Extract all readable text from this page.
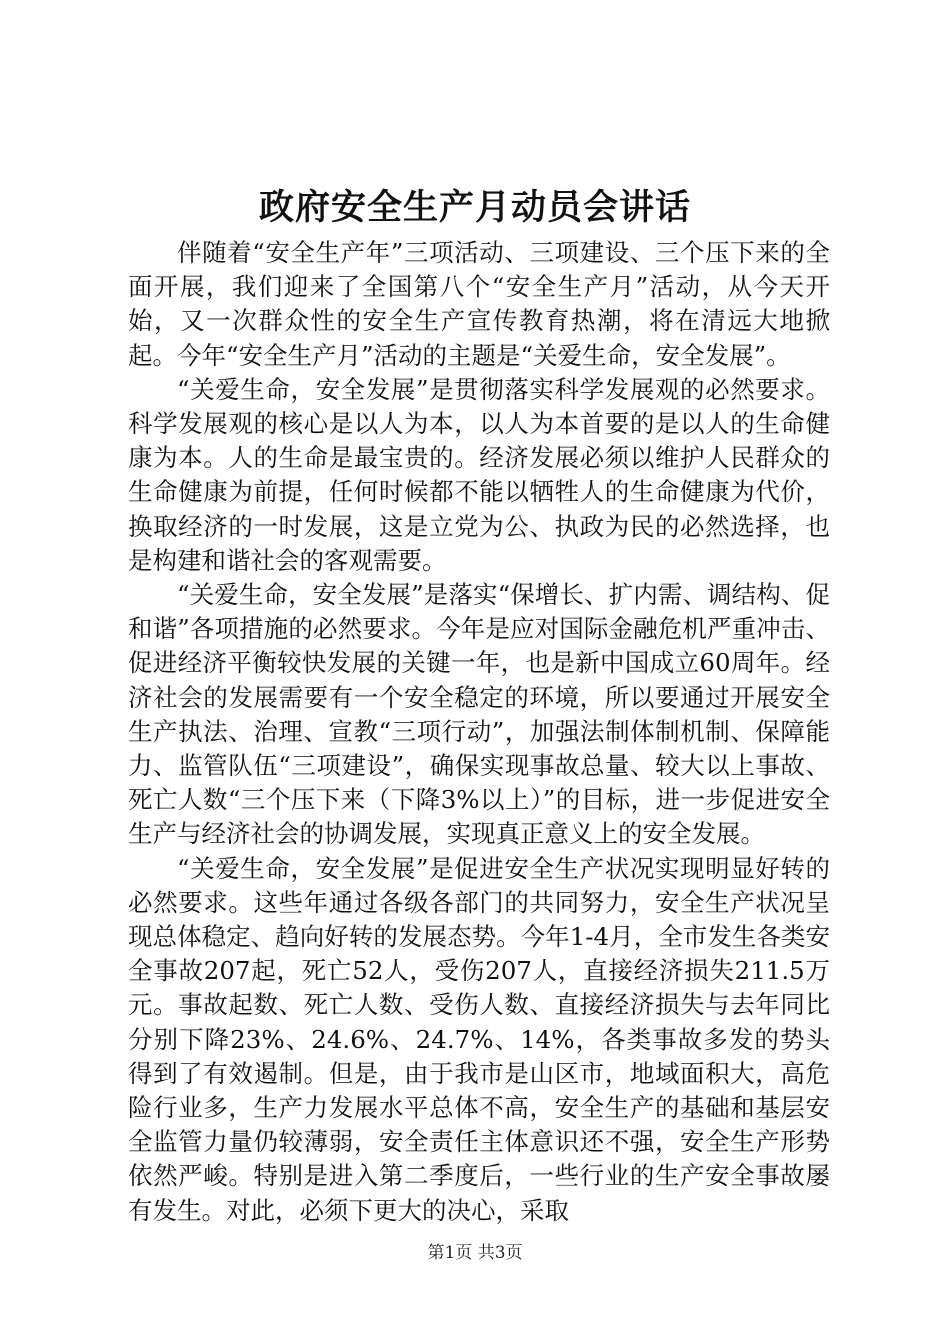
政府安全生产月动员会讲话

伴随着“安全生产年”三项活动、三项建设、三个压下来的全面开展，我们迎来了全国第八个“安全生产月”活动，从今天开始，又一次群众性的安全生产宣传教育热潮，将在清远大地掀起。今年“安全生产月”活动的主题是“关爱生命，安全发展”。

“关爱生命，安全发展”是贯彻落实科学发展观的必然要求。科学发展观的核心是以人为本，以人为本首要的是以人的生命健康为本。人的生命是最宝贵的。经济发展必须以维护人民群众的生命健康为前提，任何时候都不能以牺牲人的生命健康为代价，换取经济的一时发展，这是立党为公、执政为民的必然选择，也是构建和谐社会的客观需要。

“关爱生命，安全发展”是落实“保增长、扩内需、调结构、促和谐”各项措施的必然要求。今年是应对国际金融危机严重冲击、促进经济平衡较快发展的关键一年，也是新中国成立60周年。经济社会的发展需要有一个安全稳定的环境，所以要通过开展安全生产执法、治理、宣教“三项行动”，加强法制体制机制、保障能力、监管队伍“三项建设”，确保实现事故总量、较大以上事故、死亡人数“三个压下来（下降3%以上）”的目标，进一步促进安全生产与经济社会的协调发展，实现真正意义上的安全发展。

“关爱生命，安全发展”是促进安全生产状况实现明显好转的必然要求。这些年通过各级各部门的共同努力，安全生产状况呈现总体稳定、趋向好转的发展态势。今年1-4月，全市发生各类安全事故207起，死亡52人，受伤207人，直接经济损失211.5万元。事故起数、死亡人数、受伤人数、直接经济损失与去年同比分别下降23%、24.6%、24.7%、14%，各类事故多发的势头得到了有效遏制。但是，由于我市是山区市，地域面积大，高危险行业多，生产力发展水平总体不高，安全生产的基础和基层安全监管力量仍较薄弱，安全责任主体意识还不强，安全生产形势依然严峻。特别是进入第二季度后，一些行业的生产安全事故屡有发生。对此，必须下更大的决心，采取

第1页 共3页
